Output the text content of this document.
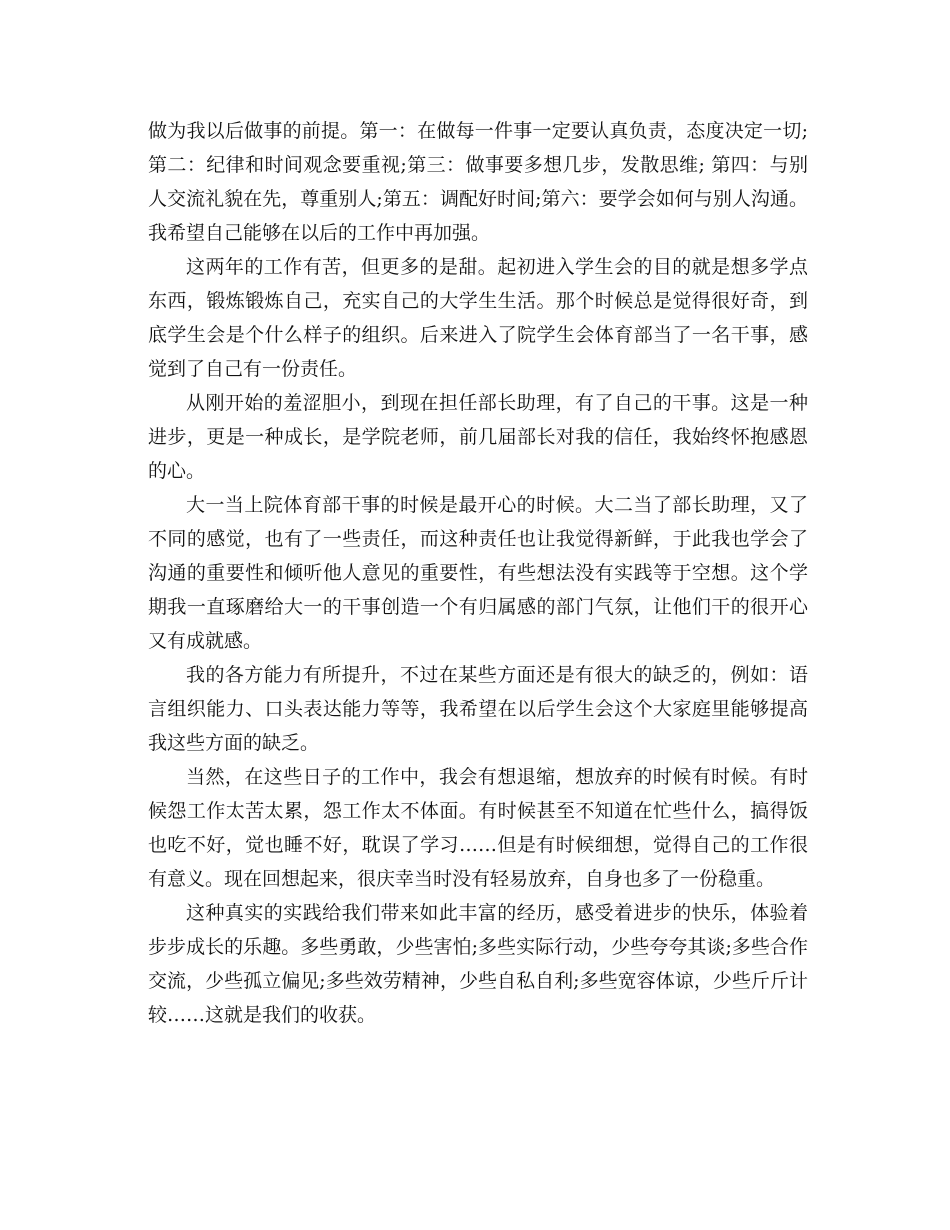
做为我以后做事的前提。第一：在做每一件事一定要认真负责，态度决定一切;第二：纪律和时间观念要重视;第三：做事要多想几步，发散思维; 第四：与别人交流礼貌在先，尊重别人;第五：调配好时间;第六：要学会如何与别人沟通。我希望自己能够在以后的工作中再加强。

这两年的工作有苦，但更多的是甜。起初进入学生会的目的就是想多学点东西，锻炼锻炼自己，充实自己的大学生生活。那个时候总是觉得很好奇，到底学生会是个什么样子的组织。后来进入了院学生会体育部当了一名干事，感觉到了自己有一份责任。

从刚开始的羞涩胆小，到现在担任部长助理，有了自己的干事。这是一种进步，更是一种成长，是学院老师，前几届部长对我的信任，我始终怀抱感恩的心。

大一当上院体育部干事的时候是最开心的时候。大二当了部长助理，又了不同的感觉，也有了一些责任，而这种责任也让我觉得新鲜，于此我也学会了沟通的重要性和倾听他人意见的重要性，有些想法没有实践等于空想。这个学期我一直琢磨给大一的干事创造一个有归属感的部门气氛，让他们干的很开心又有成就感。

我的各方能力有所提升，不过在某些方面还是有很大的缺乏的，例如：语言组织能力、口头表达能力等等，我希望在以后学生会这个大家庭里能够提高我这些方面的缺乏。

当然，在这些日子的工作中，我会有想退缩，想放弃的时候有时候。有时候怨工作太苦太累，怨工作太不体面。有时候甚至不知道在忙些什么，搞得饭也吃不好，觉也睡不好，耽误了学习……但是有时候细想，觉得自己的工作很有意义。现在回想起来，很庆幸当时没有轻易放弃，自身也多了一份稳重。

这种真实的实践给我们带来如此丰富的经历，感受着进步的快乐，体验着步步成长的乐趣。多些勇敢，少些害怕;多些实际行动，少些夸夸其谈;多些合作交流，少些孤立偏见;多些效劳精神，少些自私自利;多些宽容体谅，少些斤斤计较……这就是我们的收获。
